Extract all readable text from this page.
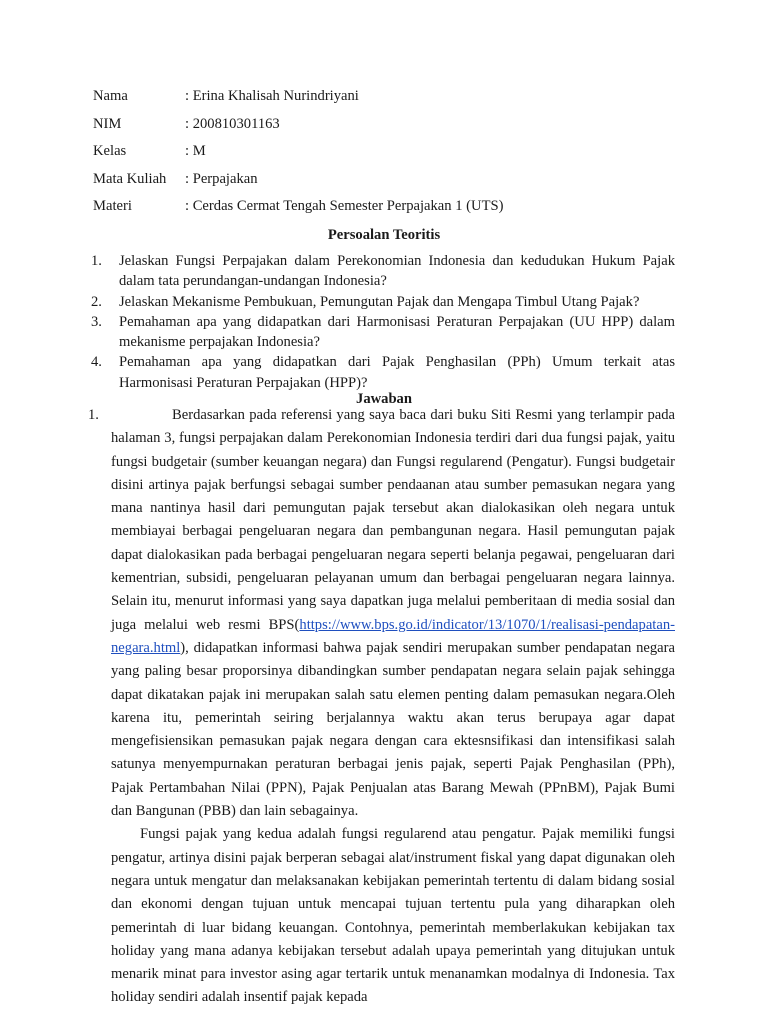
Nama	: Erina Khalisah Nurindriyani
NIM	: 200810301163
Kelas	: M
Mata Kuliah	: Perpajakan
Materi	: Cerdas Cermat Tengah Semester Perpajakan 1 (UTS)
Persoalan Teoritis
1.	Jelaskan Fungsi Perpajakan dalam Perekonomian Indonesia dan kedudukan Hukum Pajak dalam tata perundangan-undangan Indonesia?
2.	Jelaskan Mekanisme Pembukuan, Pemungutan Pajak dan Mengapa Timbul Utang Pajak?
3.	Pemahaman apa yang didapatkan dari Harmonisasi Peraturan Perpajakan (UU HPP) dalam mekanisme perpajakan Indonesia?
4.	Pemahaman apa yang didapatkan dari Pajak Penghasilan (PPh) Umum terkait atas Harmonisasi Peraturan Perpajakan (HPP)?
Jawaban
1.	Berdasarkan pada referensi yang saya baca dari buku Siti Resmi yang terlampir pada halaman 3, fungsi perpajakan dalam Perekonomian Indonesia terdiri dari dua fungsi pajak, yaitu fungsi budgetair (sumber keuangan negara) dan Fungsi regularend (Pengatur). Fungsi budgetair disini artinya pajak berfungsi sebagai sumber pendaanan atau sumber pemasukan negara yang mana nantinya hasil dari pemungutan pajak tersebut akan dialokasikan oleh negara untuk membiayai berbagai pengeluaran negara dan pembangunan negara. Hasil pemungutan pajak dapat dialokasikan pada berbagai pengeluaran negara seperti belanja pegawai, pengeluaran dari kementrian, subsidi, pengeluaran pelayanan umum dan berbagai pengeluaran negara lainnya. Selain itu, menurut informasi yang saya dapatkan juga melalui pemberitaan di media sosial dan juga melalui web resmi BPS(https://www.bps.go.id/indicator/13/1070/1/realisasi-pendapatan-negara.html), didapatkan informasi bahwa pajak sendiri merupakan sumber pendapatan negara yang paling besar proporsinya dibandingkan sumber pendapatan negara selain pajak sehingga dapat dikatakan pajak ini merupakan salah satu elemen penting dalam pemasukan negara.Oleh karena itu, pemerintah seiring berjalannya waktu akan terus berupaya agar dapat mengefisiensikan pemasukan pajak negara dengan cara ektesnsifikasi dan intensifikasi salah satunya menyempurnakan peraturan berbagai jenis pajak, seperti Pajak Penghasilan (PPh), Pajak Pertambahan Nilai (PPN), Pajak Penjualan atas Barang Mewah (PPnBM), Pajak Bumi dan Bangunan (PBB) dan lain sebagainya.

Fungsi pajak yang kedua adalah fungsi regularend atau pengatur. Pajak memiliki fungsi pengatur, artinya disini pajak berperan sebagai alat/instrument fiskal yang dapat digunakan oleh negara untuk mengatur dan melaksanakan kebijakan pemerintah tertentu di dalam bidang sosial dan ekonomi dengan tujuan untuk mencapai tujuan tertentu pula yang diharapkan oleh pemerintah di luar bidang keuangan. Contohnya, pemerintah memberlakukan kebijakan tax holiday yang mana adanya kebijakan tersebut adalah upaya pemerintah yang ditujukan untuk menarik minat para investor asing agar tertarik untuk menanamkan modalnya di Indonesia. Tax holiday sendiri adalah insentif pajak kepada
